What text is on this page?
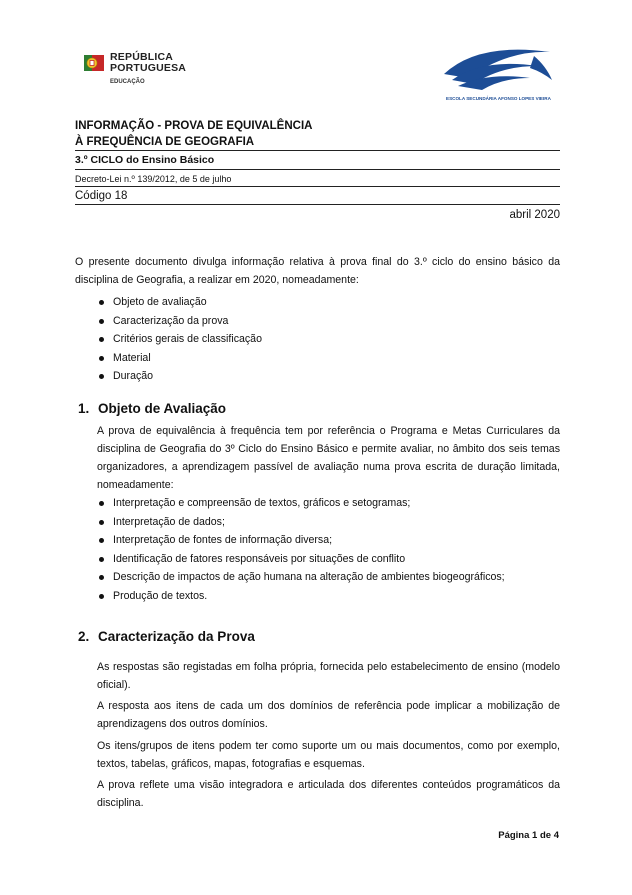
REPÚBLICA
PORTUGUESA
EDUCAÇÃO
ESCOLA SECUNDÁRIA AFONSO LOPES VIEIRA
INFORMAÇÃO - PROVA DE EQUIVALÊNCIA
À FREQUÊNCIA DE GEOGRAFIA
3.º CICLO do Ensino Básico
Decreto-Lei n.º 139/2012, de 5 de julho
Código 18
abril 2020
O presente documento divulga informação relativa à prova final do 3.º ciclo do ensino básico da disciplina de Geografia, a realizar em 2020, nomeadamente:
Objeto de avaliação
Caracterização da prova
Critérios gerais de classificação
Material
Duração
1. Objeto de Avaliação
A prova de equivalência à frequência tem por referência o Programa e Metas Curriculares da disciplina de Geografia do 3º Ciclo do Ensino Básico e permite avaliar, no âmbito dos seis temas organizadores, a aprendizagem passível de avaliação numa prova escrita de duração limitada, nomeadamente:
Interpretação e compreensão de textos, gráficos e setogramas;
Interpretação de dados;
Interpretação de fontes de informação diversa;
Identificação de fatores responsáveis por situações de conflito
Descrição de impactos de ação humana na alteração de ambientes biogeográficos;
Produção de textos.
2. Caracterização da Prova
As respostas são registadas em folha própria, fornecida pelo estabelecimento de ensino (modelo oficial).
A resposta aos itens de cada um dos domínios de referência pode implicar a mobilização de aprendizagens dos outros domínios.
Os itens/grupos de itens podem ter como suporte um ou mais documentos, como por exemplo, textos, tabelas, gráficos, mapas, fotografias e esquemas.
A prova reflete uma visão integradora e articulada dos diferentes conteúdos programáticos da disciplina.
Página 1 de 4
